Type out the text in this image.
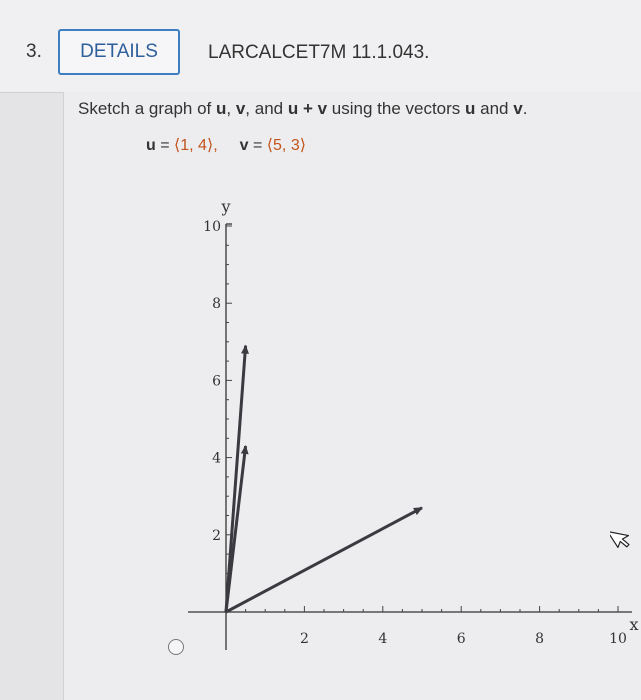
3.	DETAILS	LARCALCET7M 11.1.043.
Sketch a graph of u, v, and u + v using the vectors u and v.
u = ⟨1, 4⟩, v = ⟨5, 3⟩
2	4	6	8	10
2
4
6
8
10
y
x
